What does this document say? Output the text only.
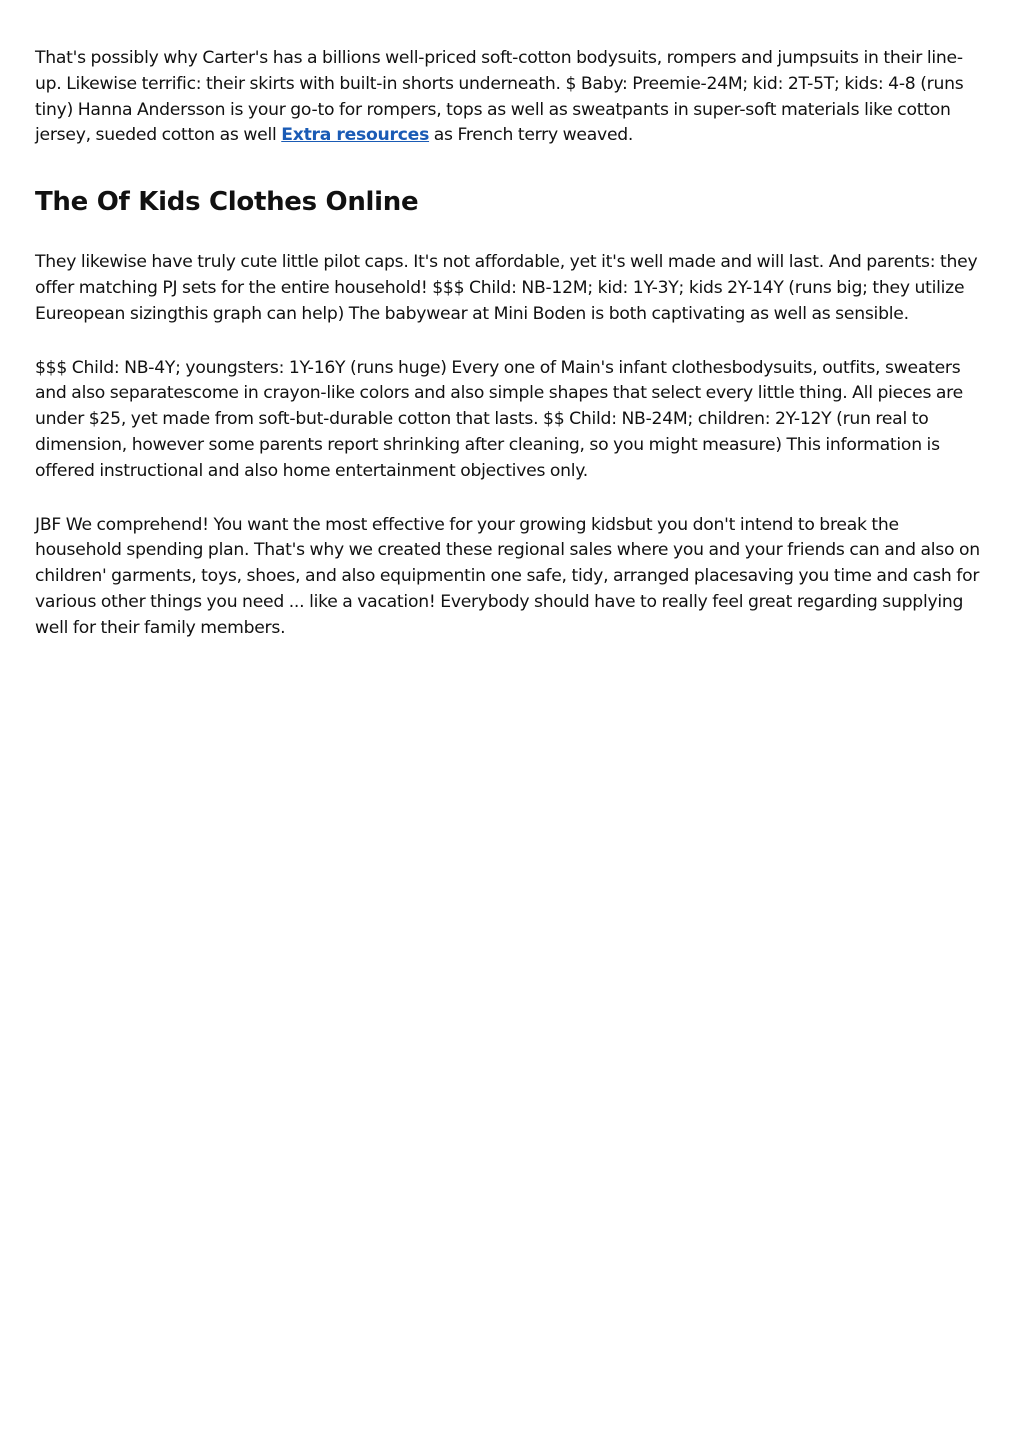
That's possibly why Carter's has a billions well-priced soft-cotton bodysuits, rompers and jumpsuits in their line-up. Likewise terrific: their skirts with built-in shorts underneath. $ Baby: Preemie-24M; kid: 2T-5T; kids: 4-8 (runs tiny) Hanna Andersson is your go-to for rompers, tops as well as sweatpants in super-soft materials like cotton jersey, sueded cotton as well Extra resources as French terry weaved.

The Of Kids Clothes Online

They likewise have truly cute little pilot caps. It's not affordable, yet it's well made and will last. And parents: they offer matching PJ sets for the entire household! $$$ Child: NB-12M; kid: 1Y-3Y; kids 2Y-14Y (runs big; they utilize Eureopean sizingthis graph can help) The babywear at Mini Boden is both captivating as well as sensible.

$$$ Child: NB-4Y; youngsters: 1Y-16Y (runs huge) Every one of Main's infant clothesbodysuits, outfits, sweaters and also separatescome in crayon-like colors and also simple shapes that select every little thing. All pieces are under $25, yet made from soft-but-durable cotton that lasts. $$ Child: NB-24M; children: 2Y-12Y (run real to dimension, however some parents report shrinking after cleaning, so you might measure) This information is offered instructional and also home entertainment objectives only.

JBF We comprehend! You want the most effective for your growing kidsbut you don't intend to break the household spending plan. That's why we created these regional sales where you and your friends can and also on children' garments, toys, shoes, and also equipmentin one safe, tidy, arranged placesaving you time and cash for various other things you need ... like a vacation! Everybody should have to really feel great regarding supplying well for their family members.
